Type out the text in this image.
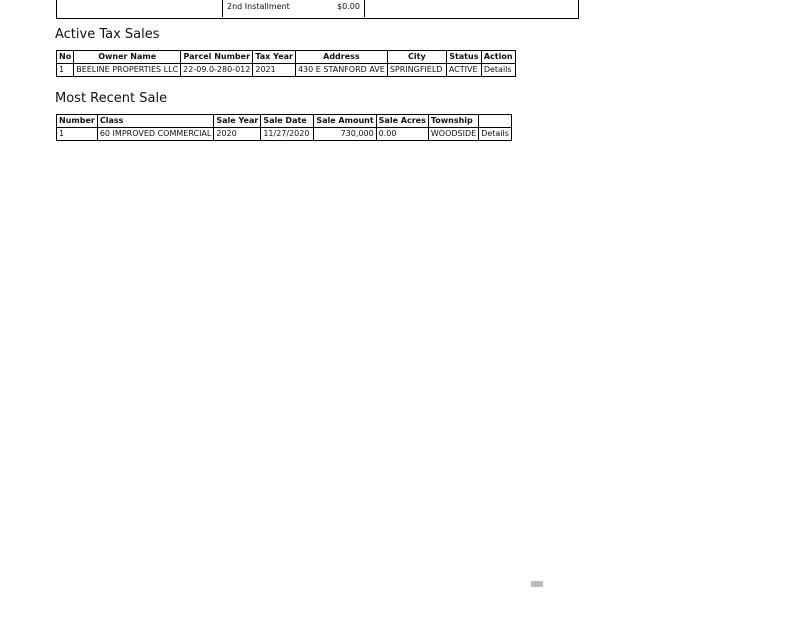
2nd Installment	$0.00
Active Tax Sales
No	Owner Name	Parcel Number	Tax Year	Address	City	Status	Action
1	BEELINE PROPERTIES LLC	22-09.0-280-012	2021	430 E STANFORD AVE	SPRINGFIELD	ACTIVE	Details
Most Recent Sale
Number	Class	Sale Year	Sale Date	Sale Amount	Sale Acres	Township	
1	60 IMPROVED COMMERCIAL	2020	11/27/2020	730,000	0.00	WOODSIDE	Details
